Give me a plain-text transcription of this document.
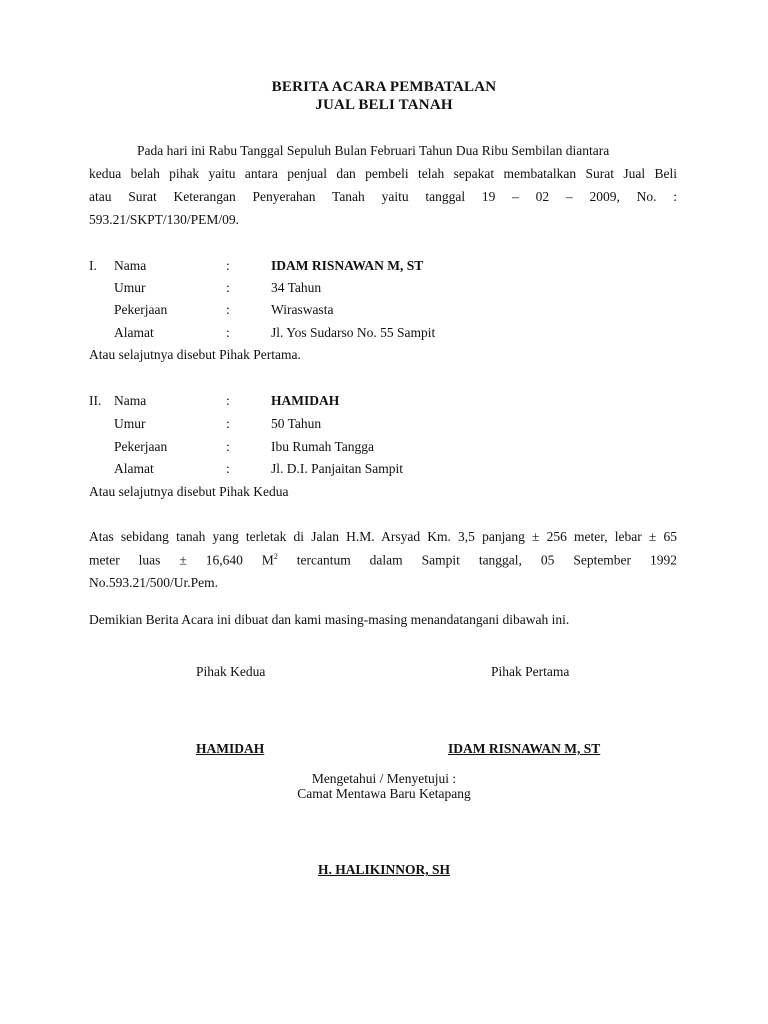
BERITA ACARA PEMBATALAN
JUAL BELI TANAH
Pada hari ini Rabu Tanggal Sepuluh Bulan Februari Tahun Dua Ribu Sembilan diantara
kedua belah pihak yaitu antara penjual dan pembeli telah sepakat membatalkan Surat Jual Beli
atau Surat Keterangan Penyerahan Tanah yaitu tanggal 19 – 02 – 2009, No. :
593.21/SKPT/130/PEM/09.
I. Nama	:	IDAM RISNAWAN M, ST
Umur	:	34 Tahun
Pekerjaan	:	Wiraswasta
Alamat	:	Jl. Yos Sudarso No. 55 Sampit
Atau selajutnya disebut Pihak Pertama.
II. Nama	:	HAMIDAH
Umur	:	50 Tahun
Pekerjaan	:	Ibu Rumah Tangga
Alamat	:	Jl. D.I. Panjaitan Sampit
Atau selajutnya disebut Pihak Kedua
Atas sebidang tanah yang terletak di Jalan H.M. Arsyad Km. 3,5 panjang ± 256 meter, lebar ± 65
meter luas ± 16,640 $M^2$ tercantum dalam Sampit tanggal, 05 September 1992
No.593.21/500/Ur.Pem.
Demikian Berita Acara ini dibuat dan kami masing-masing menandatangani dibawah ini.
Pihak Kedua	Pihak Pertama
HAMIDAH	IDAM RISNAWAN M, ST
Mengetahui / Menyetujui :
Camat Mentawa Baru Ketapang
H. HALIKINNOR, SH
